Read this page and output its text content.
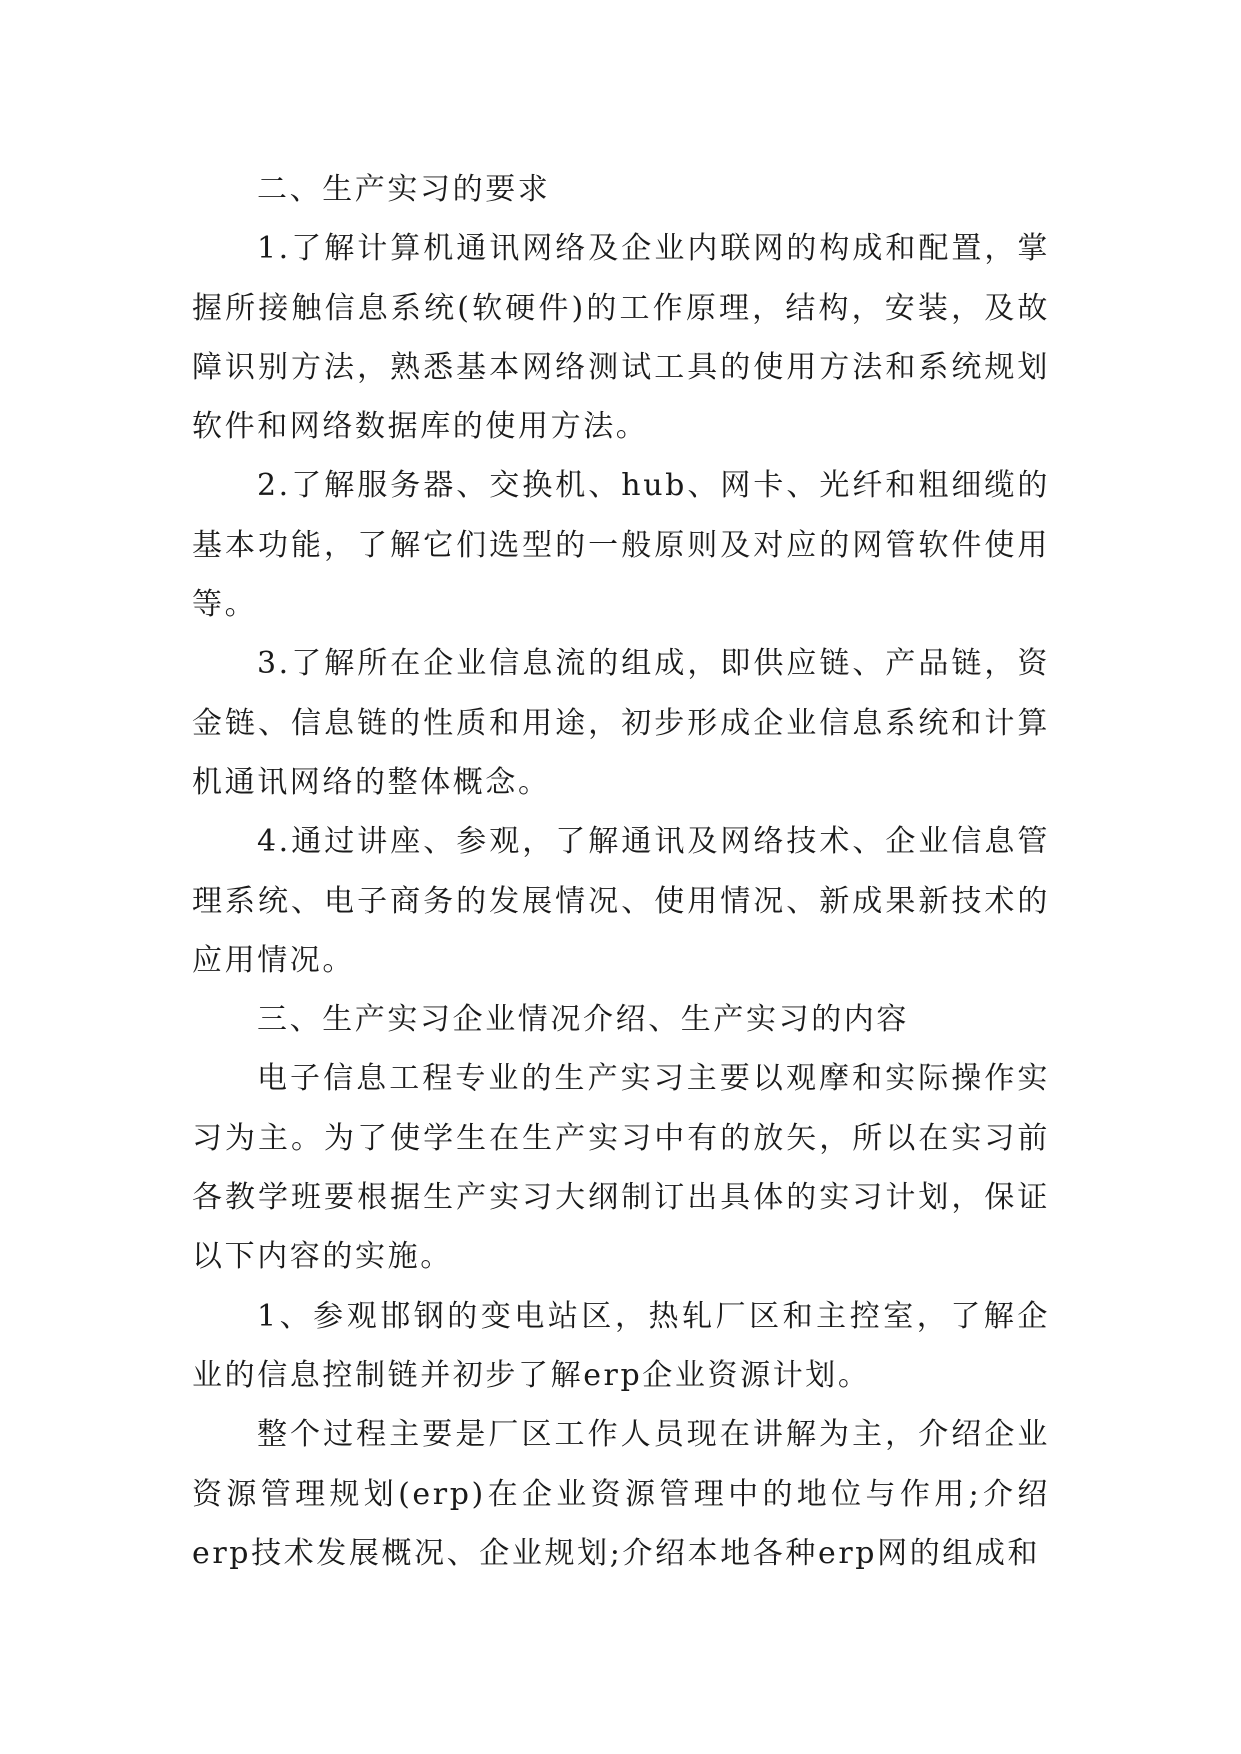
二、生产实习的要求

1.了解计算机通讯网络及企业内联网的构成和配置，掌握所接触信息系统(软硬件)的工作原理，结构，安装，及故障识别方法，熟悉基本网络测试工具的使用方法和系统规划软件和网络数据库的使用方法。

2.了解服务器、交换机、hub、网卡、光纤和粗细缆的基本功能，了解它们选型的一般原则及对应的网管软件使用等。

3.了解所在企业信息流的组成，即供应链、产品链，资金链、信息链的性质和用途，初步形成企业信息系统和计算机通讯网络的整体概念。

4.通过讲座、参观，了解通讯及网络技术、企业信息管理系统、电子商务的发展情况、使用情况、新成果新技术的应用情况。

三、生产实习企业情况介绍、生产实习的内容

电子信息工程专业的生产实习主要以观摩和实际操作实习为主。为了使学生在生产实习中有的放矢，所以在实习前各教学班要根据生产实习大纲制订出具体的实习计划，保证以下内容的实施。

1、参观邯钢的变电站区，热轧厂区和主控室，了解企业的信息控制链并初步了解erp企业资源计划。

整个过程主要是厂区工作人员现在讲解为主，介绍企业资源管理规划(erp)在企业资源管理中的地位与作用;介绍erp技术发展概况、企业规划;介绍本地各种erp网的组成和
